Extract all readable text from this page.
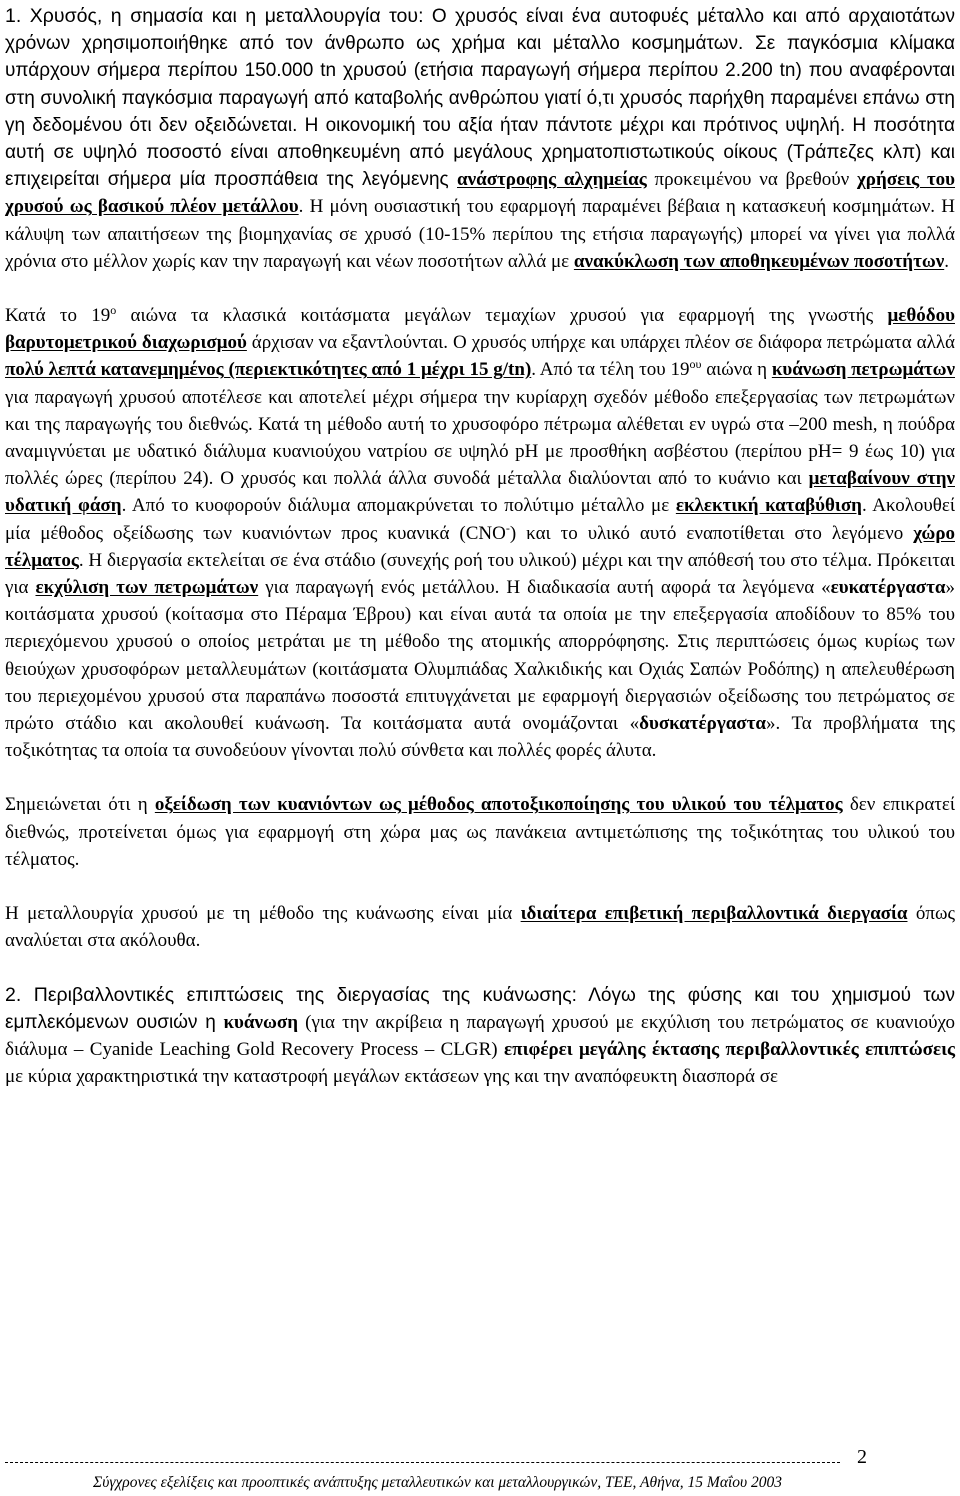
1. Χρυσός, η σημασία και η μεταλλουργία του: Ο χρυσός είναι ένα αυτοφυές μέταλλο και από αρχαιοτάτων χρόνων χρησιμοποιήθηκε από τον άνθρωπο ως χρήμα και μέταλλο κοσμημάτων. Σε παγκόσμια κλίμακα υπάρχουν σήμερα περίπου 150.000 tn χρυσού (ετήσια παραγωγή σήμερα περίπου 2.200 tn) που αναφέρονται στη συνολική παγκόσμια παραγωγή από καταβολής ανθρώπου γιατί ό,τι χρυσός παρήχθη παραμένει επάνω στη γη δεδομένου ότι δεν οξειδώνεται. Η οικονομική του αξία ήταν πάντοτε μέχρι και πρότινος υψηλή. Η ποσότητα αυτή σε υψηλό ποσοστό είναι αποθηκευμένη από μεγάλους χρηματοπιστωτικούς οίκους (Τράπεζες κλπ) και επιχειρείται σήμερα μία προσπάθεια της λεγόμενης ανάστροφης αλχημείας προκειμένου να βρεθούν χρήσεις του χρυσού ως βασικού πλέον μετάλλου. Η μόνη ουσιαστική του εφαρμογή παραμένει βέβαια η κατασκευή κοσμημάτων. Η κάλυψη των απαιτήσεων της βιομηχανίας σε χρυσό (10-15% περίπου της ετήσια παραγωγής) μπορεί να γίνει για πολλά χρόνια στο μέλλον χωρίς καν την παραγωγή και νέων ποσοτήτων αλλά με ανακύκλωση των αποθηκευμένων ποσοτήτων.

Κατά το $19^o$ αιώνα τα κλασικά κοιτάσματα μεγάλων τεμαχίων χρυσού για εφαρμογή της γνωστής μεθόδου βαρυτομετρικού διαχωρισμού άρχισαν να εξαντλούνται. Ο χρυσός υπήρχε και υπάρχει πλέον σε διάφορα πετρώματα αλλά πολύ λεπτά κατανεμημένος (περιεκτικότητες από 1 μέχρι 15 g/tn). Από τα τέλη του $19^{o\upsilon}$ αιώνα η κυάνωση πετρωμάτων για παραγωγή χρυσού αποτέλεσε και αποτελεί μέχρι σήμερα την κυρίαρχη σχεδόν μέθοδο επεξεργασίας των πετρωμάτων και της παραγωγής του διεθνώς. Κατά τη μέθοδο αυτή το χρυσοφόρο πέτρωμα αλέθεται εν υγρώ στα –200 mesh, η πούδρα αναμιγνύεται με υδατικό διάλυμα κυανιούχου νατρίου σε υψηλό pH με προσθήκη ασβέστου (περίπου pH= 9 έως 10) για πολλές ώρες (περίπου 24). Ο χρυσός και πολλά άλλα συνοδά μέταλλα διαλύονται από το κυάνιο και μεταβαίνουν στην υδατική φάση. Από το κυοφορούν διάλυμα απομακρύνεται το πολύτιμο μέταλλο με εκλεκτική καταβύθιση. Ακολουθεί μία μέθοδος οξείδωσης των κυανιόντων προς κυανικά (CNO-) και το υλικό αυτό εναποτίθεται στο λεγόμενο χώρο τέλματος. Η διεργασία εκτελείται σε ένα στάδιο (συνεχής ροή του υλικού) μέχρι και την απόθεσή του στο τέλμα. Πρόκειται για εκχύλιση των πετρωμάτων για παραγωγή ενός μετάλλου. Η διαδικασία αυτή αφορά τα λεγόμενα «ευκατέργαστα» κοιτάσματα χρυσού (κοίτασμα στο Πέραμα Έβρου) και είναι αυτά τα οποία με την επεξεργασία αποδίδουν το 85% του περιεχόμενου χρυσού ο οποίος μετράται με τη μέθοδο της ατομικής απορρόφησης. Στις περιπτώσεις όμως κυρίως των θειούχων χρυσοφόρων μεταλλευμάτων (κοιτάσματα Ολυμπιάδας Χαλκιδικής και Οχιάς Σαπών Ροδόπης) η απελευθέρωση του περιεχομένου χρυσού στα παραπάνω ποσοστά επιτυγχάνεται με εφαρμογή διεργασιών οξείδωσης του πετρώματος σε πρώτο στάδιο και ακολουθεί κυάνωση. Τα κοιτάσματα αυτά ονομάζονται «δυσκατέργαστα». Τα προβλήματα της τοξικότητας τα οποία τα συνοδεύουν γίνονται πολύ σύνθετα και πολλές φορές άλυτα.

Σημειώνεται ότι η οξείδωση των κυανιόντων ως μέθοδος αποτοξικοποίησης του υλικού του τέλματος δεν επικρατεί διεθνώς, προτείνεται όμως για εφαρμογή στη χώρα μας ως πανάκεια αντιμετώπισης της τοξικότητας του υλικού του τέλματος.

Η μεταλλουργία χρυσού με τη μέθοδο της κυάνωσης είναι μία ιδιαίτερα επιβετική περιβαλλοντικά διεργασία όπως αναλύεται στα ακόλουθα.

2. Περιβαλλοντικές επιπτώσεις της διεργασίας της κυάνωσης: Λόγω της φύσης και του χημισμού των εμπλεκόμενων ουσιών η κυάνωση (για την ακρίβεια η παραγωγή χρυσού με εκχύλιση του πετρώματος σε κυανιούχο διάλυμα – Cyanide Leaching Gold Recovery Process – CLGR) επιφέρει μεγάλης έκτασης περιβαλλοντικές επιπτώσεις με κύρια χαρακτηριστικά την καταστροφή μεγάλων εκτάσεων γης και την αναπόφευκτη διασπορά σε

2
Σύγχρονες εξελίξεις και προοπτικές ανάπτυξης μεταλλευτικών και μεταλλουργικών, ΤΕΕ, Αθήνα, 15 Μαΐου 2003
